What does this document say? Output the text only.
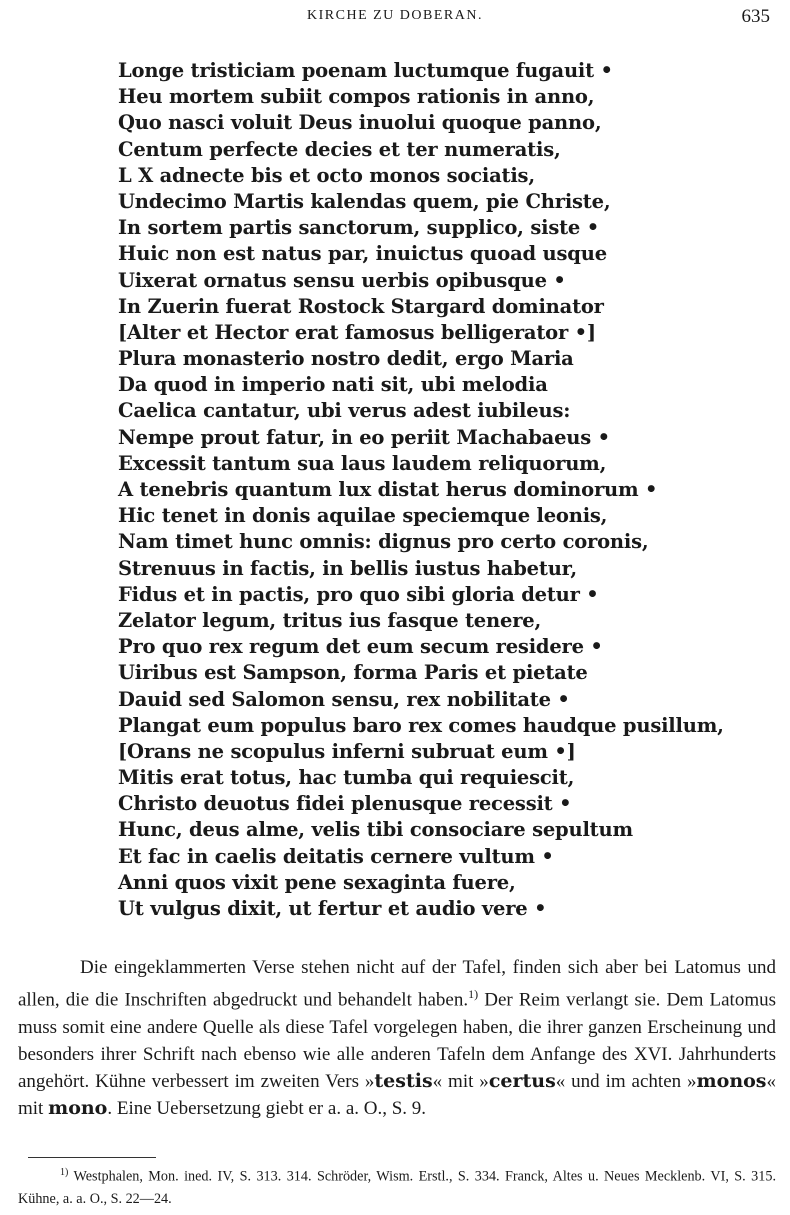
KIRCHE ZU DOBERAN.	635
Longe tristiciam poenam luctumque fugauit •
Heu mortem subiit compos rationis in anno,
Quo nasci voluit Deus inuolui quoque panno,
Centum perfecte decies et ter numeratis,
L X adnecte bis et octo monos sociatis,
Undecimo Martis kalendas quem, pie Christe,
In sortem partis sanctorum, supplico, siste •
Huic non est natus par, inuictus quoad usque
Uixerat ornatus sensu uerbis opibusque •
In Zuerin fuerat Rostock Stargard dominator
[Alter et Hector erat famosus belligerator •]
Plura monasterio nostro dedit, ergo Maria
Da quod in imperio nati sit, ubi melodia
Caelica cantatur, ubi verus adest iubileus:
Nempe prout fatur, in eo periit Machabaeus •
Excessit tantum sua laus laudem reliquorum,
A tenebris quantum lux distat herus dominorum •
Hic tenet in donis aquilae speciemque leonis,
Nam timet hunc omnis: dignus pro certo coronis,
Strenuus in factis, in bellis iustus habetur,
Fidus et in pactis, pro quo sibi gloria detur •
Zelator legum, tritus ius fasque tenere,
Pro quo rex regum det eum secum residere •
Uiribus est Sampson, forma Paris et pietate
Dauid sed Salomon sensu, rex nobilitate •
Plangat eum populus baro rex comes haudque pusillum,
[Orans ne scopulus inferni subruat eum •]
Mitis erat totus, hac tumba qui requiescit,
Christo deuotus fidei plenusque recessit •
Hunc, deus alme, velis tibi consociare sepultum
Et fac in caelis deitatis cernere vultum •
Anni quos vixit pene sexaginta fuere,
Ut vulgus dixit, ut fertur et audio vere •

Die eingeklammerten Verse stehen nicht auf der Tafel, finden sich aber bei Latomus und allen, die die Inschriften abgedruckt und behandelt haben.$^{1)}$ Der Reim verlangt sie. Dem Latomus muss somit eine andere Quelle als diese Tafel vorgelegen haben, die ihrer ganzen Erscheinung und besonders ihrer Schrift nach ebenso wie alle anderen Tafeln dem Anfange des XVI. Jahrhunderts angehört. Kühne verbessert im zweiten Vers »testis« mit »certus« und im achten »monos« mit mono. Eine Uebersetzung giebt er a. a. O., S. 9.

$^{1)}$ Westphalen, Mon. ined. IV, S. 313. 314. Schröder, Wism. Erstl., S. 334. Franck, Altes u. Neues Mecklenb. VI, S. 315. Kühne, a. a. O., S. 22—24.
